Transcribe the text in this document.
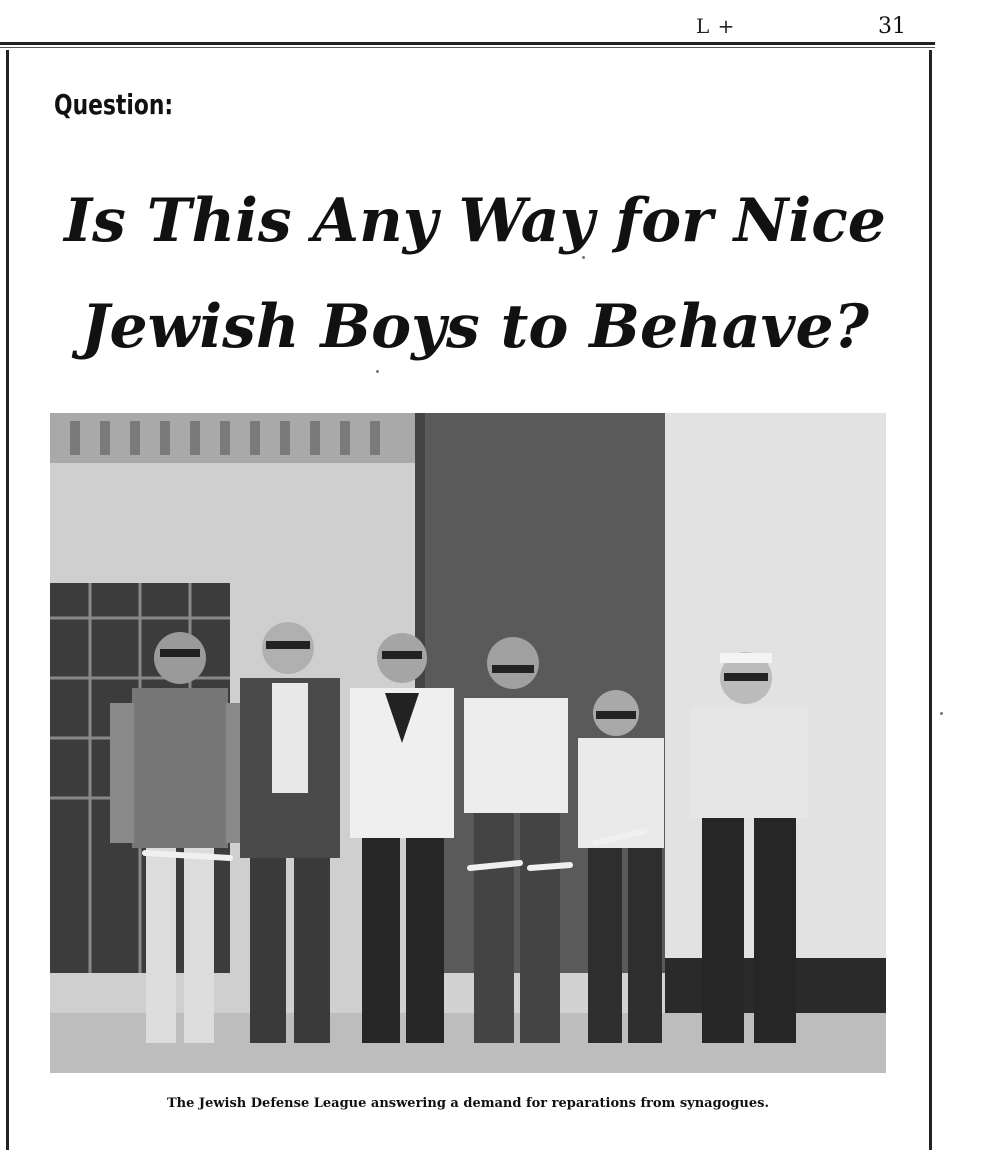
L +	31
Question:
Is This Any Way for Nice
Jewish Boys to Behave?
The Jewish Defense League answering a demand for reparations from synagogues.
